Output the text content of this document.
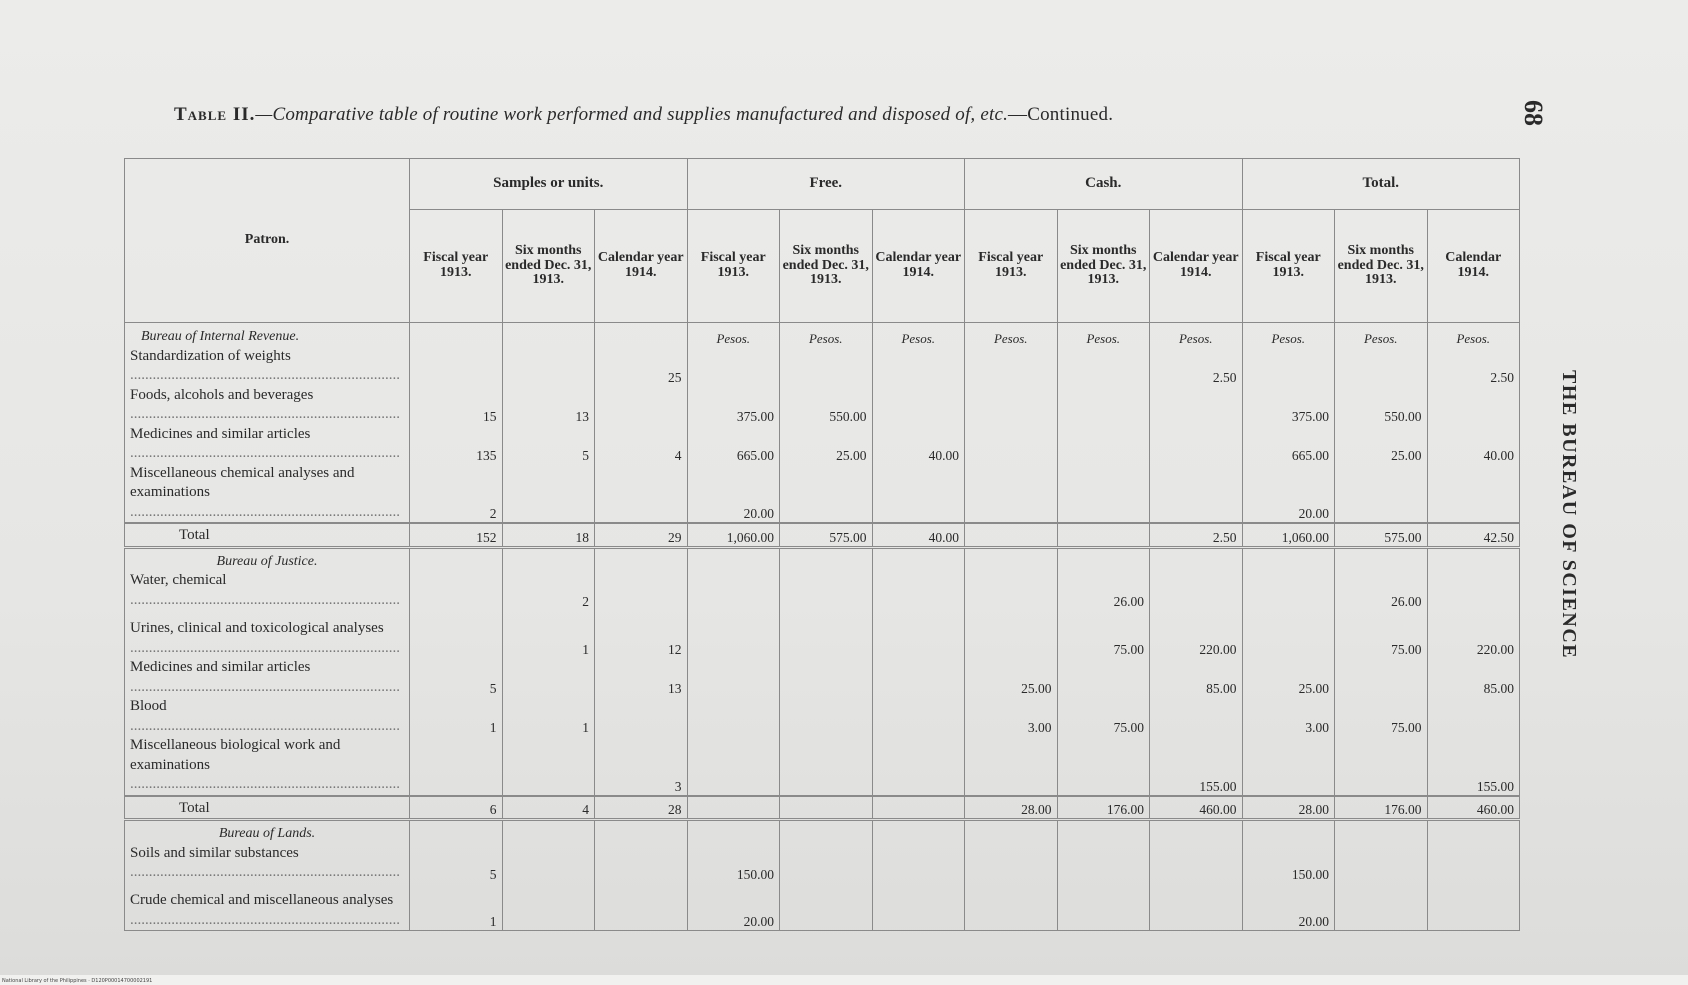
Table II.—Comparative table of routine work performed and supplies manufactured and disposed of, etc.—Continued.	68
THE BUREAU OF SCIENCE
Patron.	Samples or units.			Free.			Cash.			Total.		
	Fiscal year 1913.	Six months ended Dec. 31, 1913.	Calendar year 1914.	Fiscal year 1913.	Six months ended Dec. 31, 1913.	Calendar year 1914.	Fiscal year 1913.	Six months ended Dec. 31, 1913.	Calendar year 1914.	Fiscal year 1913.	Six months ended Dec. 31, 1913.	Calendar 1914.
Bureau of Internal Revenue.				Pesos.	Pesos.	Pesos.	Pesos.	Pesos.	Pesos.	Pesos.	Pesos.	Pesos.
Standardization of weights .....			25						2.50			2.50
Foods, alcohols and beverages .....	15	13		375.00	550.00					375.00	550.00	
Medicines and similar articles .....	135	5	4	665.00	25.00	40.00				665.00	25.00	40.00
Miscellaneous chemical analyses and examinations .....	2			20.00						20.00		
Total	152	18	29	1,060.00	575.00	40.00			2.50	1,060.00	575.00	42.50
Bureau of Justice.												
Water, chemical .....		2						26.00			26.00	
Urines, clinical and toxicological analyses .....		1	12					75.00	220.00		75.00	220.00
Medicines and similar articles .....	5		13				25.00		85.00	25.00		85.00
Blood .....	1	1					3.00	75.00		3.00	75.00	
Miscellaneous biological work and examinations .....			3						155.00			155.00
Total	6	4	28				28.00	176.00	460.00	28.00	176.00	460.00
Bureau of Lands.												
Soils and similar substances .....	5			150.00						150.00		
Crude chemical and miscellaneous analyses .....	1			20.00						20.00		
National Library of the Philippines · D120P00014700002191
